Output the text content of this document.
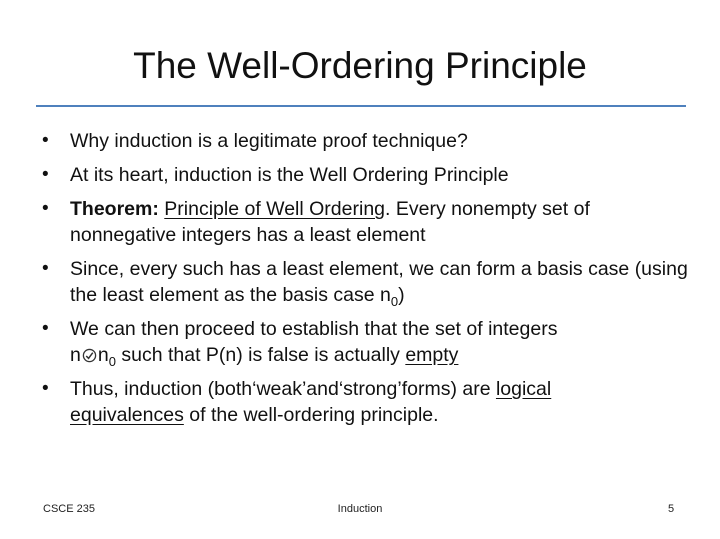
The Well-Ordering Principle
• Why induction is a legitimate proof technique?
• At its heart, induction is the Well Ordering Principle
• Theorem: Principle of Well Ordering. Every nonempty set of nonnegative integers has a least element
• Since, every such has a least element, we can form a basis case (using the least element as the basis case $n_0$)
• We can then proceed to establish that the set of integers
n $n_0$ such that P(n) is false is actually empty
• Thus, induction (both‘weak’and‘strong’forms) are logical
equivalences of the well-ordering principle.
CSCE 235	Induction	5
